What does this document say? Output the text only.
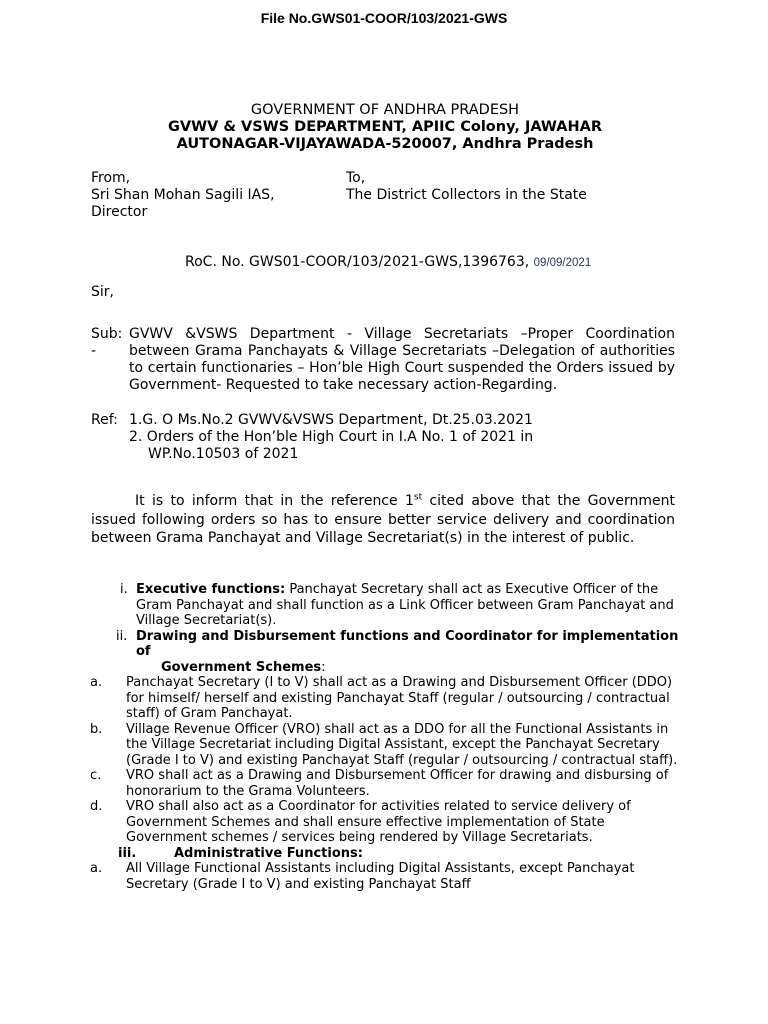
File No.GWS01-COOR/103/2021-GWS
GOVERNMENT OF ANDHRA PRADESH
GVWV & VSWS DEPARTMENT, APIIC Colony, JAWAHAR
AUTONAGAR-VIJAYAWADA-520007, Andhra Pradesh
From,
Sri Shan Mohan Sagili IAS,
Director
To,
The District Collectors in the State
RoC. No. GWS01-COOR/103/2021-GWS,1396763, 09/09/2021
Sir,
Sub:
-
GVWV &VSWS Department - Village Secretariats –Proper Coordination between Grama Panchayats & Village Secretariats –Delegation of authorities to certain functionaries – Hon’ble High Court suspended the Orders issued by Government- Requested to take necessary action-Regarding.
Ref: 1.G. O Ms.No.2 GVWV&VSWS Department, Dt.25.03.2021
2. Orders of the Hon’ble High Court in I.A No. 1 of 2021 in
WP.No.10503 of 2021
It is to inform that in the reference 1st cited above that the Government issued following orders so has to ensure better service delivery and coordination between Grama Panchayat and Village Secretariat(s) in the interest of public.
i. Executive functions: Panchayat Secretary shall act as Executive Officer of the Gram Panchayat and shall function as a Link Officer between Gram Panchayat and Village Secretariat(s).
ii. Drawing and Disbursement functions and Coordinator for implementation of
Government Schemes:
a. Panchayat Secretary (I to V) shall act as a Drawing and Disbursement Officer (DDO) for himself/ herself and existing Panchayat Staff (regular / outsourcing / contractual staff) of Gram Panchayat.
b. Village Revenue Officer (VRO) shall act as a DDO for all the Functional Assistants in the Village Secretariat including Digital Assistant, except the Panchayat Secretary (Grade I to V) and existing Panchayat Staff (regular / outsourcing / contractual staff).
c. VRO shall act as a Drawing and Disbursement Officer for drawing and disbursing of honorarium to the Grama Volunteers.
d. VRO shall also act as a Coordinator for activities related to service delivery of Government Schemes and shall ensure effective implementation of State Government schemes / services being rendered by Village Secretariats.
iii.	Administrative Functions:
a. All Village Functional Assistants including Digital Assistants, except Panchayat Secretary (Grade I to V) and existing Panchayat Staff
